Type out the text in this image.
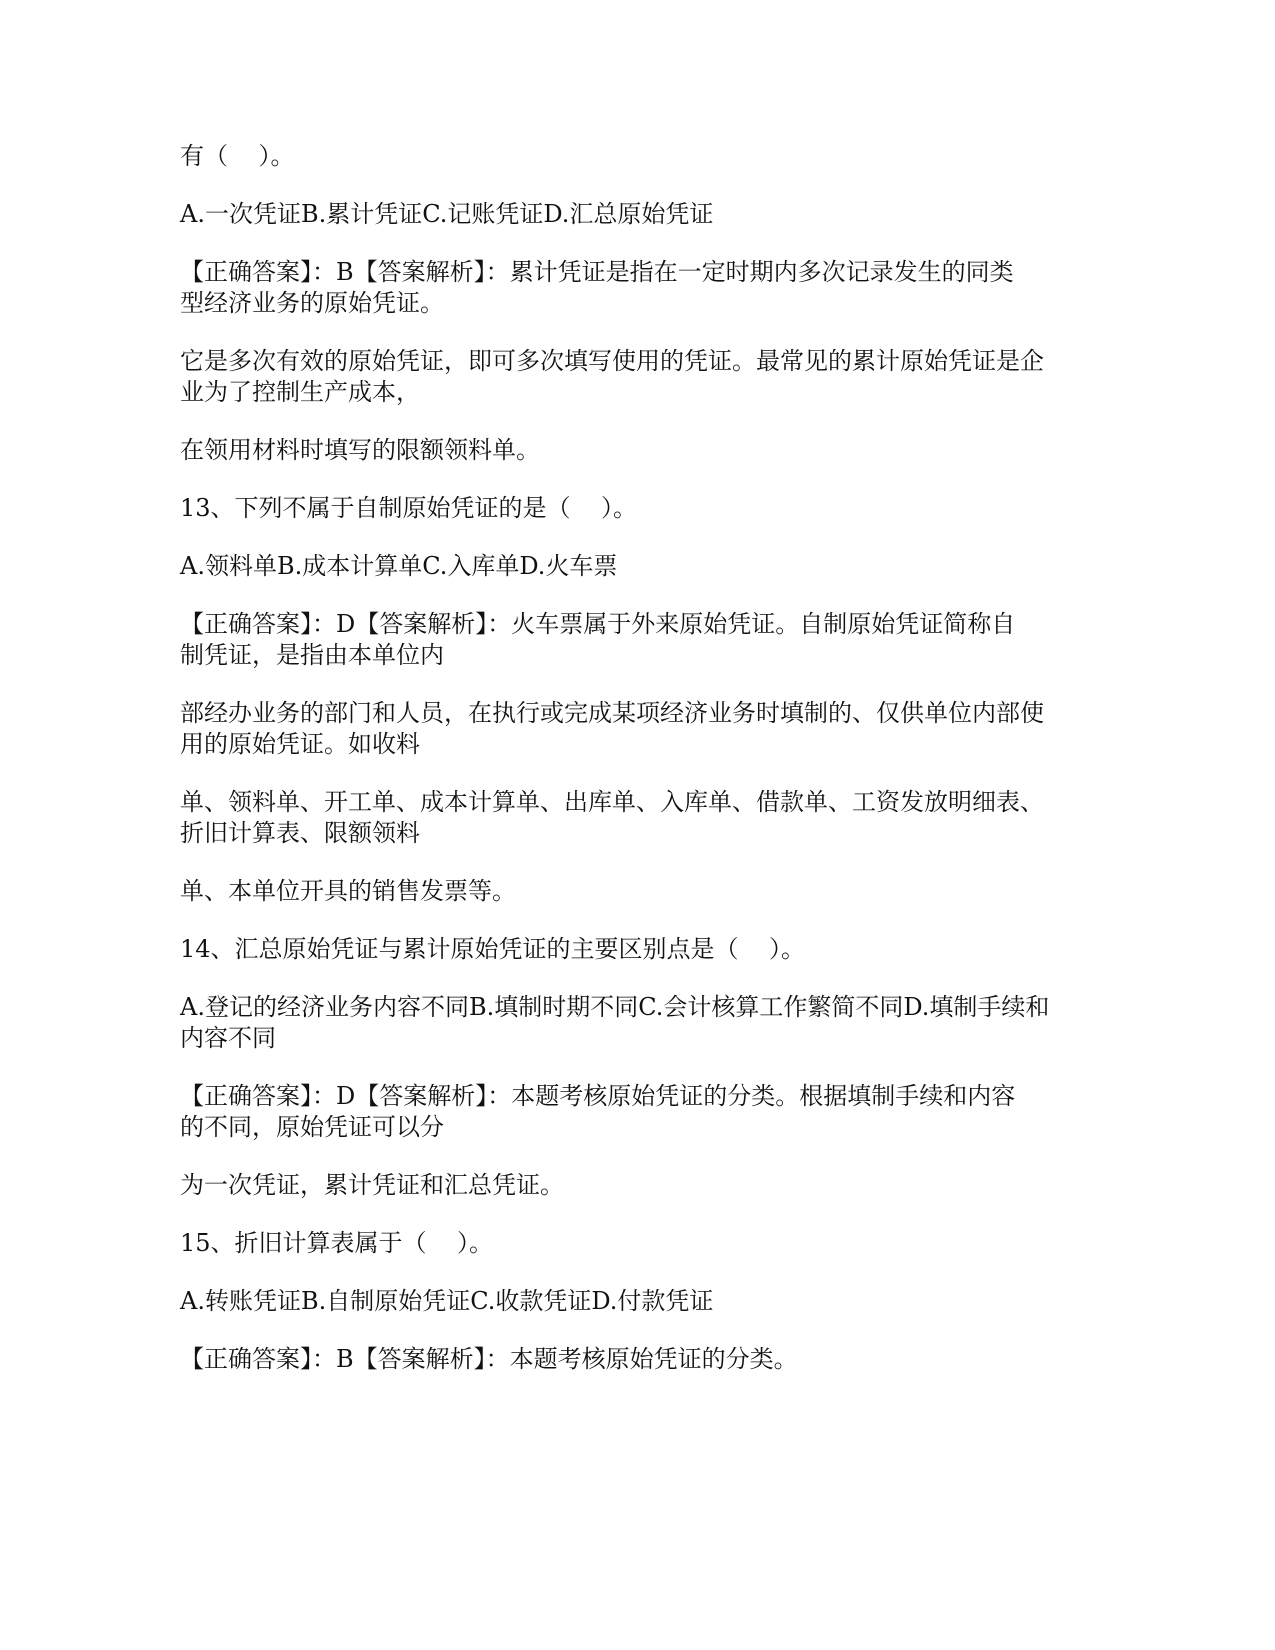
有（    ）。
A.一次凭证B.累计凭证C.记账凭证D.汇总原始凭证
【正确答案】：B【答案解析】：累计凭证是指在一定时期内多次记录发生的同类
型经济业务的原始凭证。
它是多次有效的原始凭证，即可多次填写使用的凭证。最常见的累计原始凭证是企
业为了控制生产成本，
在领用材料时填写的限额领料单。
13、下列不属于自制原始凭证的是（    ）。
A.领料单B.成本计算单C.入库单D.火车票
【正确答案】：D【答案解析】：火车票属于外来原始凭证。自制原始凭证简称自
制凭证，是指由本单位内
部经办业务的部门和人员，在执行或完成某项经济业务时填制的、仅供单位内部使
用的原始凭证。如收料
单、领料单、开工单、成本计算单、出库单、入库单、借款单、工资发放明细表、
折旧计算表、限额领料
单、本单位开具的销售发票等。
14、汇总原始凭证与累计原始凭证的主要区别点是（    ）。
A.登记的经济业务内容不同B.填制时期不同C.会计核算工作繁简不同D.填制手续和
内容不同
【正确答案】：D【答案解析】：本题考核原始凭证的分类。根据填制手续和内容
的不同，原始凭证可以分
为一次凭证，累计凭证和汇总凭证。
15、折旧计算表属于（    ）。
A.转账凭证B.自制原始凭证C.收款凭证D.付款凭证
【正确答案】：B【答案解析】：本题考核原始凭证的分类。
